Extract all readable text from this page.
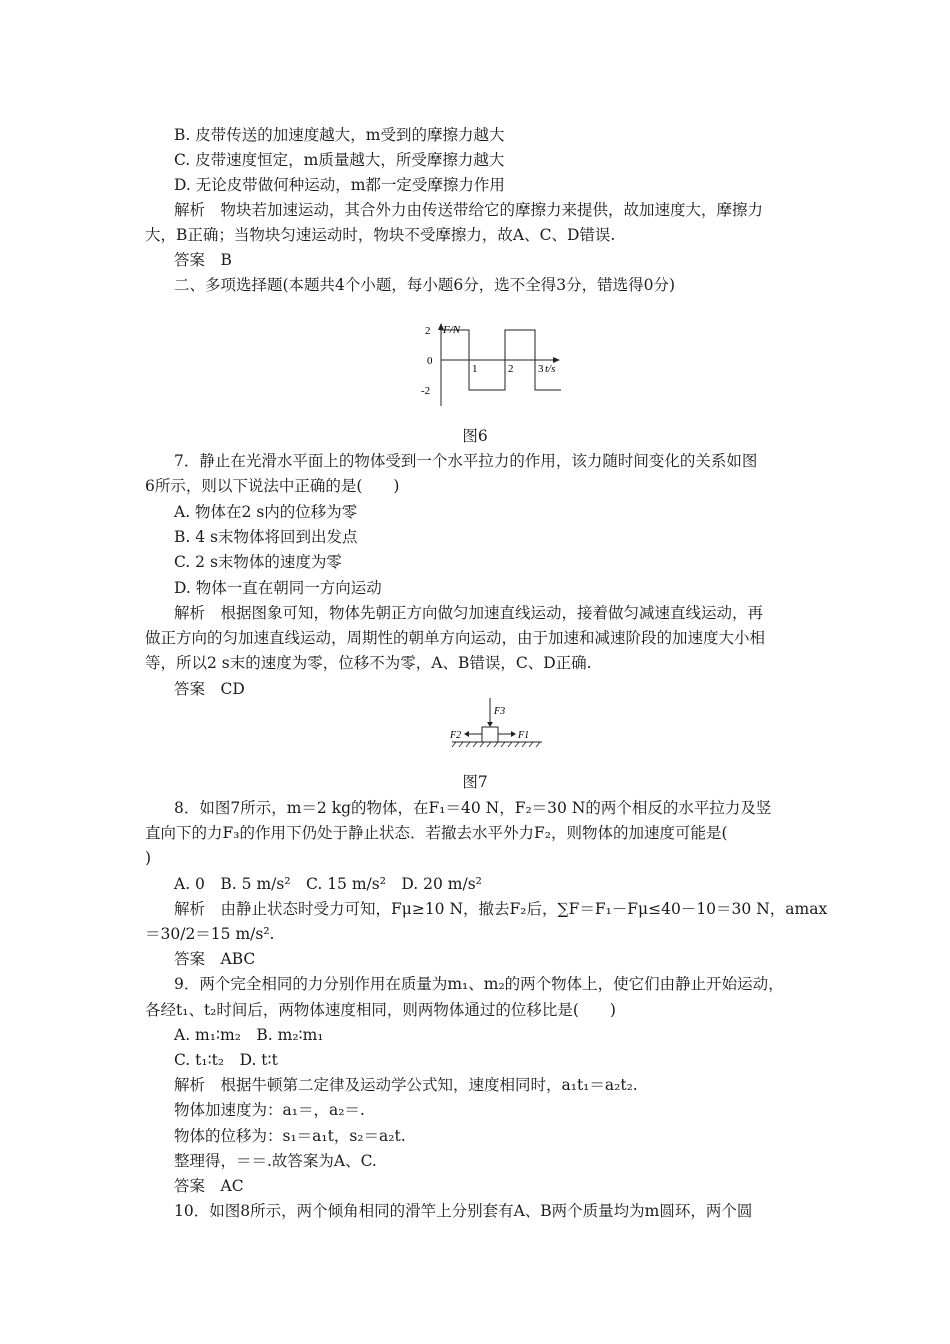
B. 皮带传送的加速度越大，m受到的摩擦力越大
C. 皮带速度恒定，m质量越大，所受摩擦力越大
D. 无论皮带做何种运动，m都一定受摩擦力作用
解析　物块若加速运动，其合外力由传送带给它的摩擦力来提供，故加速度大，摩擦力
大，B正确；当物块匀速运动时，物块不受摩擦力，故A、C、D错误.
答案　B
二、多项选择题(本题共4个小题，每小题6分，选不全得3分，错选得0分)
F/N
2
0
-2
1	2 3 t/s
图6
7．静止在光滑水平面上的物体受到一个水平拉力的作用，该力随时间变化的关系如图
6所示，则以下说法中正确的是(　　)
A. 物体在2 s内的位移为零
B. 4 s末物体将回到出发点
C. 2 s末物体的速度为零
D. 物体一直在朝同一方向运动
解析　根据图象可知，物体先朝正方向做匀加速直线运动，接着做匀减速直线运动，再
做正方向的匀加速直线运动，周期性的朝单方向运动，由于加速和减速阶段的加速度大小相
等，所以2 s末的速度为零，位移不为零，A、B错误，C、D正确.
答案　CD
F3
F1
F2
图7
8．如图7所示，m＝2 kg的物体，在F₁＝40 N，F₂＝30 N的两个相反的水平拉力及竖
直向下的力F₃的作用下仍处于静止状态．若撤去水平外力F₂，则物体的加速度可能是(
)
A. 0　B. 5 m/s²　C. 15 m/s²　D. 20 m/s²
解析　由静止状态时受力可知，Fμ≥10 N，撤去F₂后，∑F＝F₁－Fμ≤40－10＝30 N，amax
＝30/2＝15 m/s².
答案　ABC
9．两个完全相同的力分别作用在质量为m₁、m₂的两个物体上，使它们由静止开始运动，
各经t₁、t₂时间后，两物体速度相同，则两物体通过的位移比是(　　)
A. m₁∶m₂　B. m₂∶m₁
C. t₁∶t₂　D. t∶t
解析　根据牛顿第二定律及运动学公式知，速度相同时，a₁t₁＝a₂t₂.
物体加速度为：a₁＝，a₂＝.
物体的位移为：s₁＝a₁t，s₂＝a₂t.
整理得，＝＝.故答案为A、C.
答案　AC
10．如图8所示，两个倾角相同的滑竿上分别套有A、B两个质量均为m圆环，两个圆
